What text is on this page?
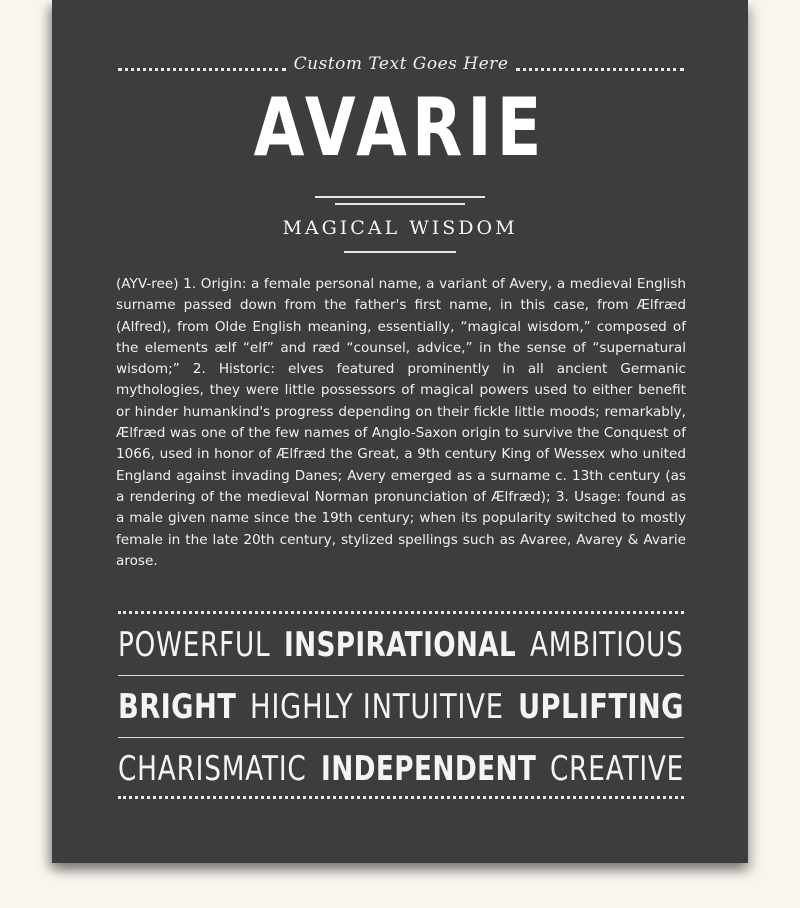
Custom Text Goes Here
AVARIE
MAGICAL WISDOM
(AYV-ree) 1. Origin: a female personal name, a variant of Avery, a medieval English surname passed down from the father's first name, in this case, from Ælfræd (Alfred), from Olde English meaning, essentially, “magical wisdom,” composed of the elements ælf “elf” and ræd “counsel, advice,” in the sense of “supernatural wisdom;” 2. Historic: elves featured prominently in all ancient Germanic mythologies, they were little possessors of magical powers used to either benefit or hinder humankind's progress depending on their fickle little moods; remarkably, Ælfræd was one of the few names of Anglo-Saxon origin to survive the Conquest of 1066, used in honor of Ælfræd the Great, a 9th century King of Wessex who united England against invading Danes; Avery emerged as a surname c. 13th century (as a rendering of the medieval Norman pronunciation of Ælfræd); 3. Usage: found as a male given name since the 19th century; when its popularity switched to mostly female in the late 20th century, stylized spellings such as Avaree, Avarey & Avarie arose.
POWERFUL INSPIRATIONAL AMBITIOUS
BRIGHT HIGHLY INTUITIVE UPLIFTING
CHARISMATIC INDEPENDENT CREATIVE
